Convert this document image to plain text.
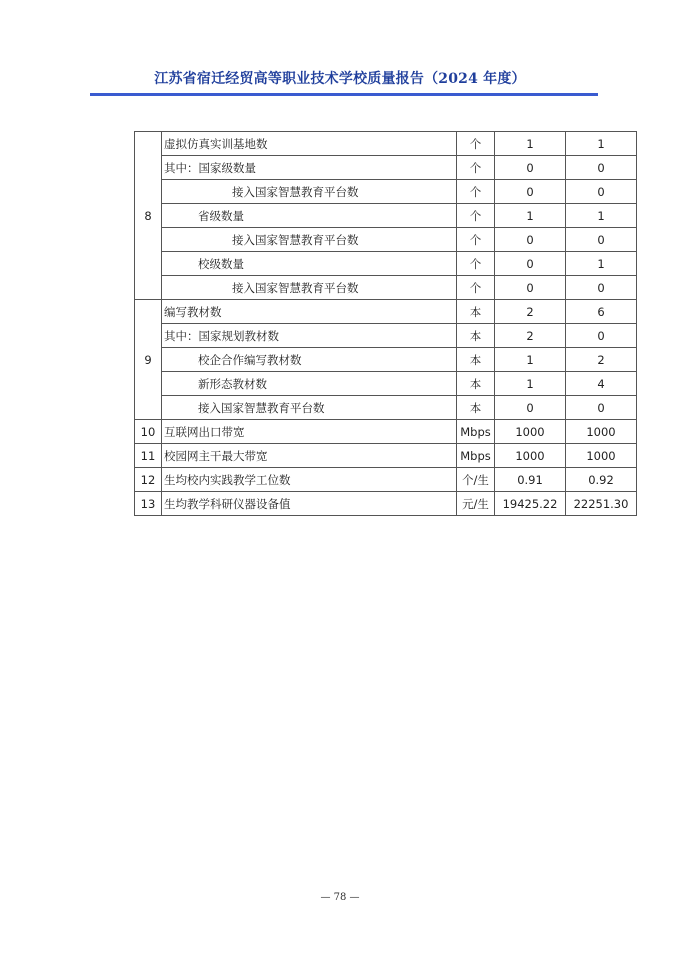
江苏省宿迁经贸高等职业技术学校质量报告（2024 年度）
8	虚拟仿真实训基地数	个	1	1
	其中：国家级数量	个	0	0
	接入国家智慧教育平台数	个	0	0
	省级数量	个	1	1
	接入国家智慧教育平台数	个	0	0
	校级数量	个	0	1
	接入国家智慧教育平台数	个	0	0
9	编写教材数	本	2	6
	其中：国家规划教材数	本	2	0
	校企合作编写教材数	本	1	2
	新形态教材数	本	1	4
	接入国家智慧教育平台数	本	0	0
10	互联网出口带宽	Mbps	1000	1000
11	校园网主干最大带宽	Mbps	1000	1000
12	生均校内实践教学工位数	个/生	0.91	0.92
13	生均教学科研仪器设备值	元/生	19425.22	22251.30
— 78 —
